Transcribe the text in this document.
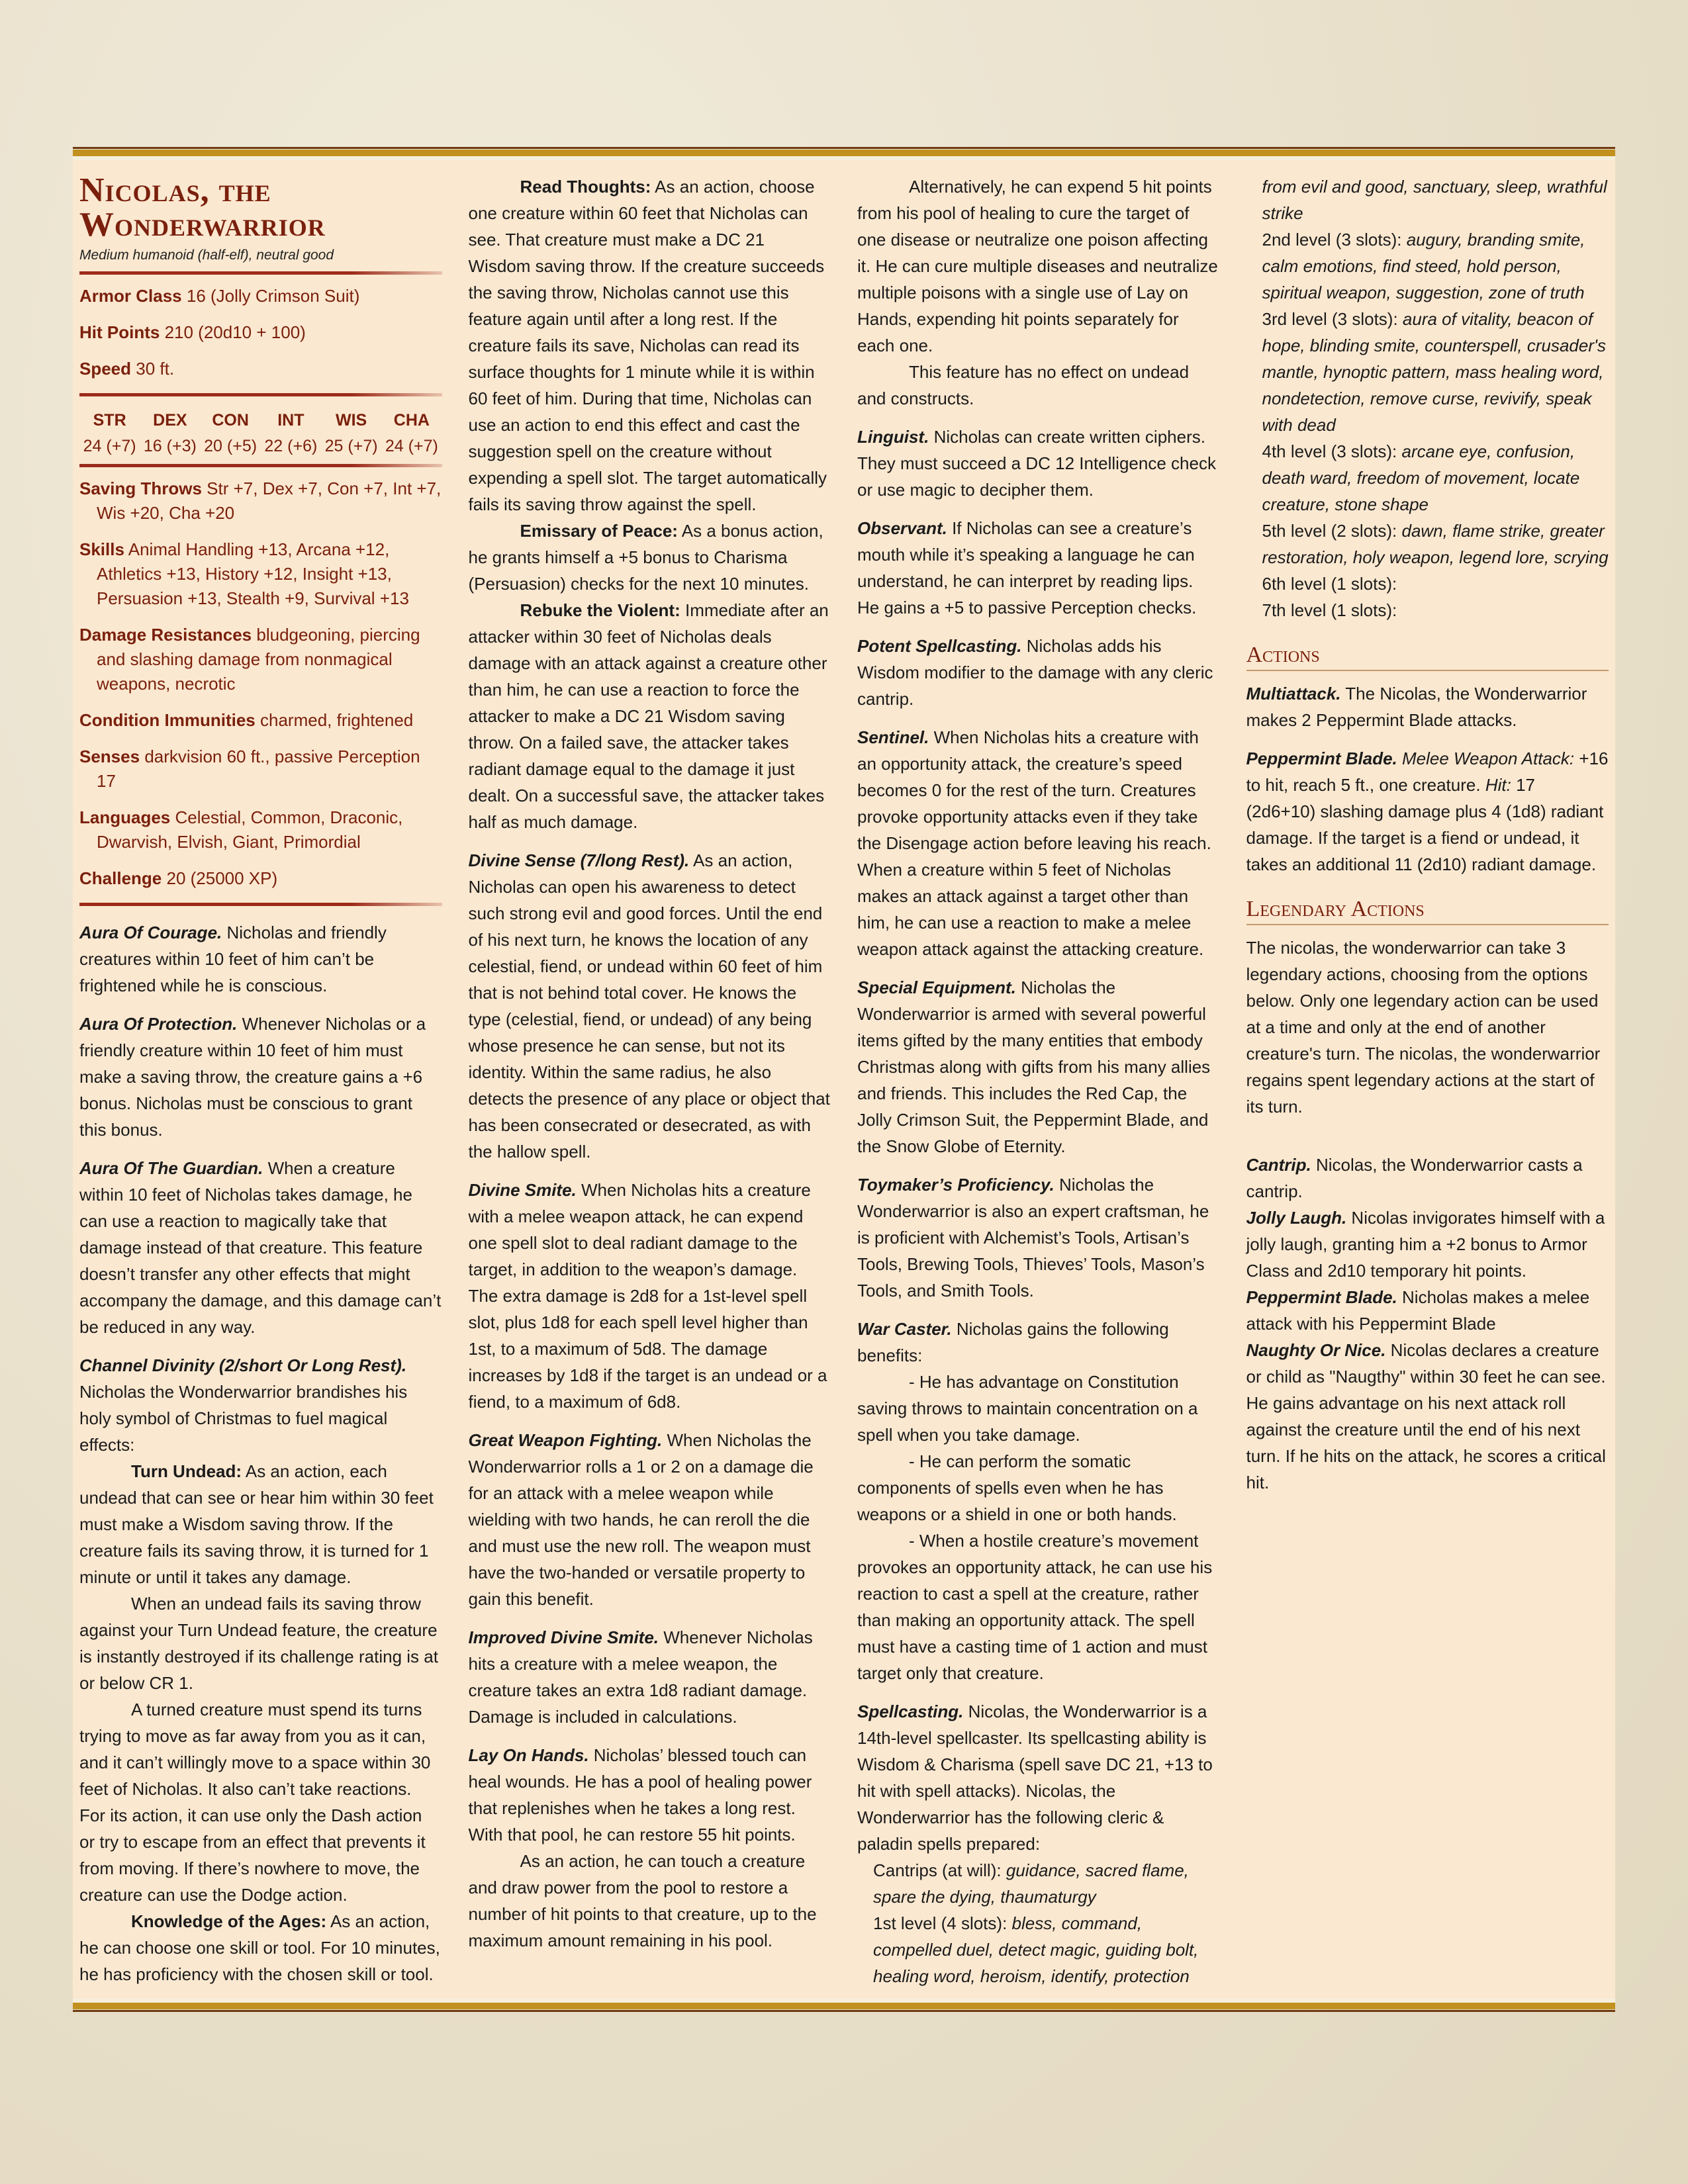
Nicolas, the Wonderwarrior
Medium humanoid (half-elf), neutral good

Armor Class 16 (Jolly Crimson Suit)

Hit Points 210 (20d10 + 100)

Speed 30 ft.

STR
24 (+7)
DEX
16 (+3)
CON
20 (+5)
INT
22 (+6)
WIS
25 (+7)
CHA
24 (+7)

Saving Throws Str +7, Dex +7, Con +7, Int +7, Wis +20, Cha +20

Skills Animal Handling +13, Arcana +12, Athletics +13, History +12, Insight +13, Persuasion +13, Stealth +9, Survival +13

Damage Resistances bludgeoning, piercing and slashing damage from nonmagical weapons, necrotic

Condition Immunities charmed, frightened

Senses darkvision 60 ft., passive Perception 17

Languages Celestial, Common, Draconic, Dwarvish, Elvish, Giant, Primordial

Challenge 20 (25000 XP)

Aura Of Courage. Nicholas and friendly creatures within 10 feet of him can’t be frightened while he is conscious.

Aura Of Protection. Whenever Nicholas or a friendly creature within 10 feet of him must make a saving throw, the creature gains a +6 bonus. Nicholas must be conscious to grant this bonus.

Aura Of The Guardian. When a creature within 10 feet of Nicholas takes damage, he can use a reaction to magically take that damage instead of that creature. This feature doesn’t transfer any other effects that might accompany the damage, and this damage can’t be reduced in any way.

Channel Divinity (2/short Or Long Rest). Nicholas the Wonderwarrior brandishes his holy symbol of Christmas to fuel magical effects:

Turn Undead: As an action, each undead that can see or hear him within 30 feet must make a Wisdom saving throw. If the creature fails its saving throw, it is turned for 1 minute or until it takes any damage.

When an undead fails its saving throw against your Turn Undead feature, the creature is instantly destroyed if its challenge rating is at or below CR 1.

A turned creature must spend its turns trying to move as far away from you as it can, and it can’t willingly move to a space within 30 feet of Nicholas. It also can’t take reactions. For its action, it can use only the Dash action or try to escape from an effect that prevents it from moving. If there’s nowhere to move, the creature can use the Dodge action.

Knowledge of the Ages: As an action, he can choose one skill or tool. For 10 minutes, he has proficiency with the chosen skill or tool.

Read Thoughts: As an action, choose one creature within 60 feet that Nicholas can see. That creature must make a DC 21 Wisdom saving throw. If the creature succeeds the saving throw, Nicholas cannot use this feature again until after a long rest. If the creature fails its save, Nicholas can read its surface thoughts for 1 minute while it is within 60 feet of him. During that time, Nicholas can use an action to end this effect and cast the suggestion spell on the creature without expending a spell slot. The target automatically fails its saving throw against the spell.

Emissary of Peace: As a bonus action, he grants himself a +5 bonus to Charisma (Persuasion) checks for the next 10 minutes.

Rebuke the Violent: Immediate after an attacker within 30 feet of Nicholas deals damage with an attack against a creature other than him, he can use a reaction to force the attacker to make a DC 21 Wisdom saving throw. On a failed save, the attacker takes radiant damage equal to the damage it just dealt. On a successful save, the attacker takes half as much damage.

Divine Sense (7/long Rest). As an action, Nicholas can open his awareness to detect such strong evil and good forces. Until the end of his next turn, he knows the location of any celestial, fiend, or undead within 60 feet of him that is not behind total cover. He knows the type (celestial, fiend, or undead) of any being whose presence he can sense, but not its identity. Within the same radius, he also detects the presence of any place or object that has been consecrated or desecrated, as with the hallow spell.

Divine Smite. When Nicholas hits a creature with a melee weapon attack, he can expend one spell slot to deal radiant damage to the target, in addition to the weapon’s damage. The extra damage is 2d8 for a 1st-level spell slot, plus 1d8 for each spell level higher than 1st, to a maximum of 5d8. The damage increases by 1d8 if the target is an undead or a fiend, to a maximum of 6d8.

Great Weapon Fighting. When Nicholas the Wonderwarrior rolls a 1 or 2 on a damage die for an attack with a melee weapon while wielding with two hands, he can reroll the die and must use the new roll. The weapon must have the two-handed or versatile property to gain this benefit.

Improved Divine Smite. Whenever Nicholas hits a creature with a melee weapon, the creature takes an extra 1d8 radiant damage. Damage is included in calculations.

Lay On Hands. Nicholas’ blessed touch can heal wounds. He has a pool of healing power that replenishes when he takes a long rest. With that pool, he can restore 55 hit points.

As an action, he can touch a creature and draw power from the pool to restore a number of hit points to that creature, up to the maximum amount remaining in his pool.

Alternatively, he can expend 5 hit points from his pool of healing to cure the target of one disease or neutralize one poison affecting it. He can cure multiple diseases and neutralize multiple poisons with a single use of Lay on Hands, expending hit points separately for each one.

This feature has no effect on undead and constructs.

Linguist. Nicholas can create written ciphers. They must succeed a DC 12 Intelligence check or use magic to decipher them.

Observant. If Nicholas can see a creature’s mouth while it’s speaking a language he can understand, he can interpret by reading lips. He gains a +5 to passive Perception checks.

Potent Spellcasting. Nicholas adds his Wisdom modifier to the damage with any cleric cantrip.

Sentinel. When Nicholas hits a creature with an opportunity attack, the creature’s speed becomes 0 for the rest of the turn. Creatures provoke opportunity attacks even if they take the Disengage action before leaving his reach. When a creature within 5 feet of Nicholas makes an attack against a target other than him, he can use a reaction to make a melee weapon attack against the attacking creature.

Special Equipment. Nicholas the Wonderwarrior is armed with several powerful items gifted by the many entities that embody Christmas along with gifts from his many allies and friends. This includes the Red Cap, the Jolly Crimson Suit, the Peppermint Blade, and the Snow Globe of Eternity.

Toymaker’s Proficiency. Nicholas the Wonderwarrior is also an expert craftsman, he is proficient with Alchemist’s Tools, Artisan’s Tools, Brewing Tools, Thieves’ Tools, Mason’s Tools, and Smith Tools.

War Caster. Nicholas gains the following benefits:

- He has advantage on Constitution saving throws to maintain concentration on a spell when you take damage.

- He can perform the somatic components of spells even when he has weapons or a shield in one or both hands.

- When a hostile creature’s movement provokes an opportunity attack, he can use his reaction to cast a spell at the creature, rather than making an opportunity attack. The spell must have a casting time of 1 action and must target only that creature.

Spellcasting. Nicolas, the Wonderwarrior is a 14th-level spellcaster. Its spellcasting ability is Wisdom & Charisma (spell save DC 21, +13 to hit with spell attacks). Nicolas, the Wonderwarrior has the following cleric & paladin spells prepared:

Cantrips (at will): guidance, sacred flame, spare the dying, thaumaturgy

1st level (4 slots): bless, command, compelled duel, detect magic, guiding bolt, healing word, heroism, identify, protection from evil and good, sanctuary, sleep, wrathful strike

2nd level (3 slots): augury, branding smite, calm emotions, find steed, hold person, spiritual weapon, suggestion, zone of truth

3rd level (3 slots): aura of vitality, beacon of hope, blinding smite, counterspell, crusader's mantle, hynoptic pattern, mass healing word, nondetection, remove curse, revivify, speak with dead

4th level (3 slots): arcane eye, confusion, death ward, freedom of movement, locate creature, stone shape

5th level (2 slots): dawn, flame strike, greater restoration, holy weapon, legend lore, scrying

6th level (1 slots):

7th level (1 slots):

Actions

Multiattack. The Nicolas, the Wonderwarrior makes 2 Peppermint Blade attacks.

Peppermint Blade. Melee Weapon Attack: +16 to hit, reach 5 ft., one creature. Hit: 17 (2d6+10) slashing damage plus 4 (1d8) radiant damage. If the target is a fiend or undead, it takes an additional 11 (2d10) radiant damage.

Legendary Actions

The nicolas, the wonderwarrior can take 3 legendary actions, choosing from the options below. Only one legendary action can be used at a time and only at the end of another creature's turn. The nicolas, the wonderwarrior regains spent legendary actions at the start of its turn.

Cantrip. Nicolas, the Wonderwarrior casts a cantrip.

Jolly Laugh. Nicolas invigorates himself with a jolly laugh, granting him a +2 bonus to Armor Class and 2d10 temporary hit points.

Peppermint Blade. Nicholas makes a melee attack with his Peppermint Blade

Naughty Or Nice. Nicolas declares a creature or child as "Naugthy" within 30 feet he can see. He gains advantage on his next attack roll against the creature until the end of his next turn. If he hits on the attack, he scores a critical hit.
